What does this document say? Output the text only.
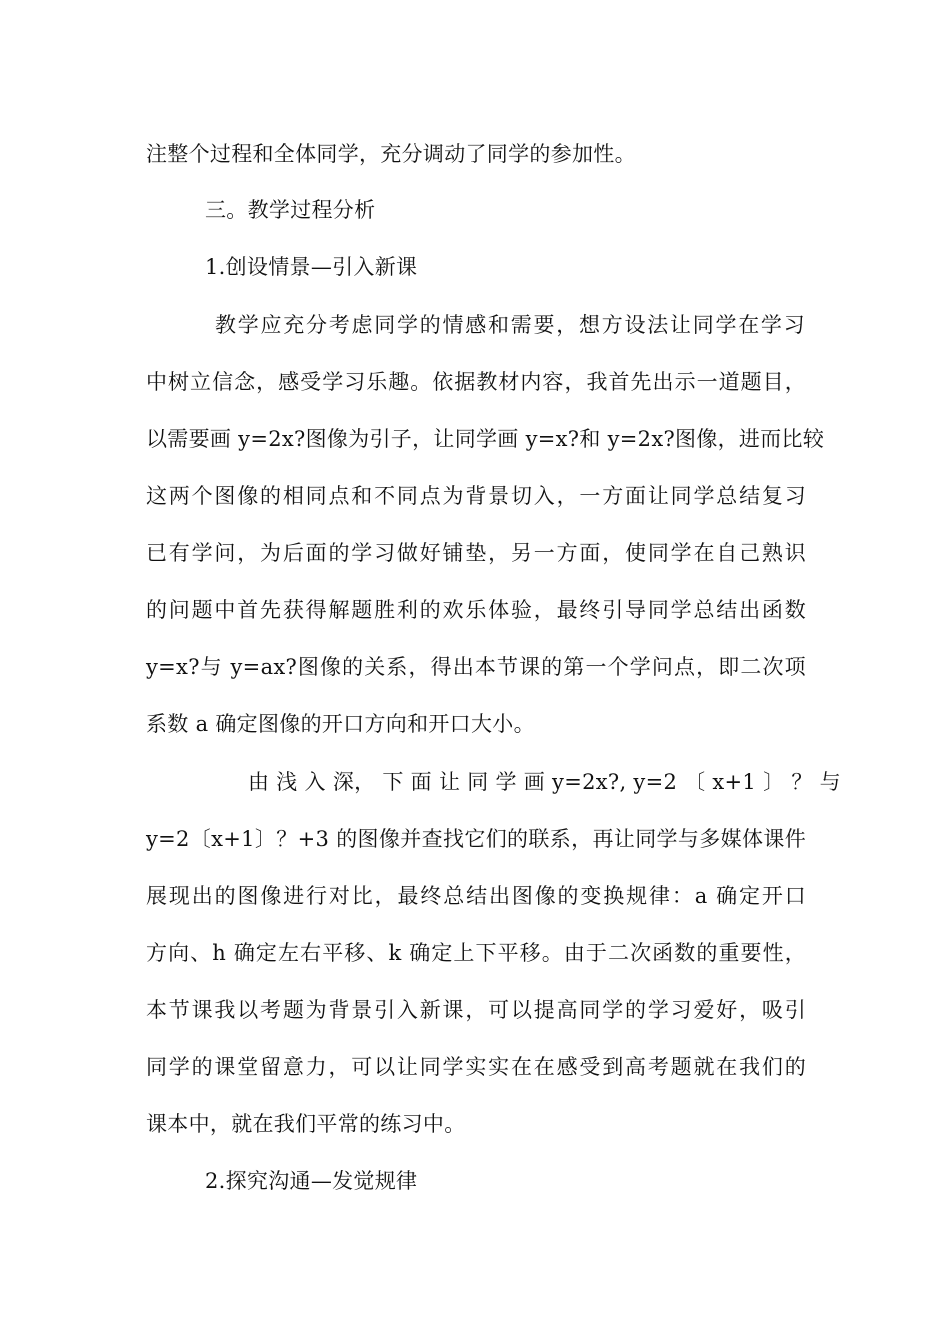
注整个过程和全体同学，充分调动了同学的参加性。
三。教学过程分析
1.创设情景—引入新课
教学应充分考虑同学的情感和需要，想方设法让同学在学习
中树立信念，感受学习乐趣。依据教材内容，我首先出示一道题目，
以需要画 y=2x?图像为引子，让同学画 y=x?和 y=2x?图像，进而比较
这两个图像的相同点和不同点为背景切入，一方面让同学总结复习
已有学问，为后面的学习做好铺垫，另一方面，使同学在自己熟识
的问题中首先获得解题胜利的欢乐体验，最终引导同学总结出函数
y=x?与 y=ax?图像的关系，得出本节课的第一个学问点，即二次项
系数 a 确定图像的开口方向和开口大小。
由 浅 入 深， 下 面 让 同 学 画 y=2x?, y=2 〔 x+1 〕 ？ 与
y=2〔x+1〕？+3 的图像并查找它们的联系，再让同学与多媒体课件
展现出的图像进行对比，最终总结出图像的变换规律：a 确定开口
方向、h 确定左右平移、k 确定上下平移。由于二次函数的重要性，
本节课我以考题为背景引入新课，可以提高同学的学习爱好，吸引
同学的课堂留意力，可以让同学实实在在感受到高考题就在我们的
课本中，就在我们平常的练习中。
2.探究沟通—发觉规律
